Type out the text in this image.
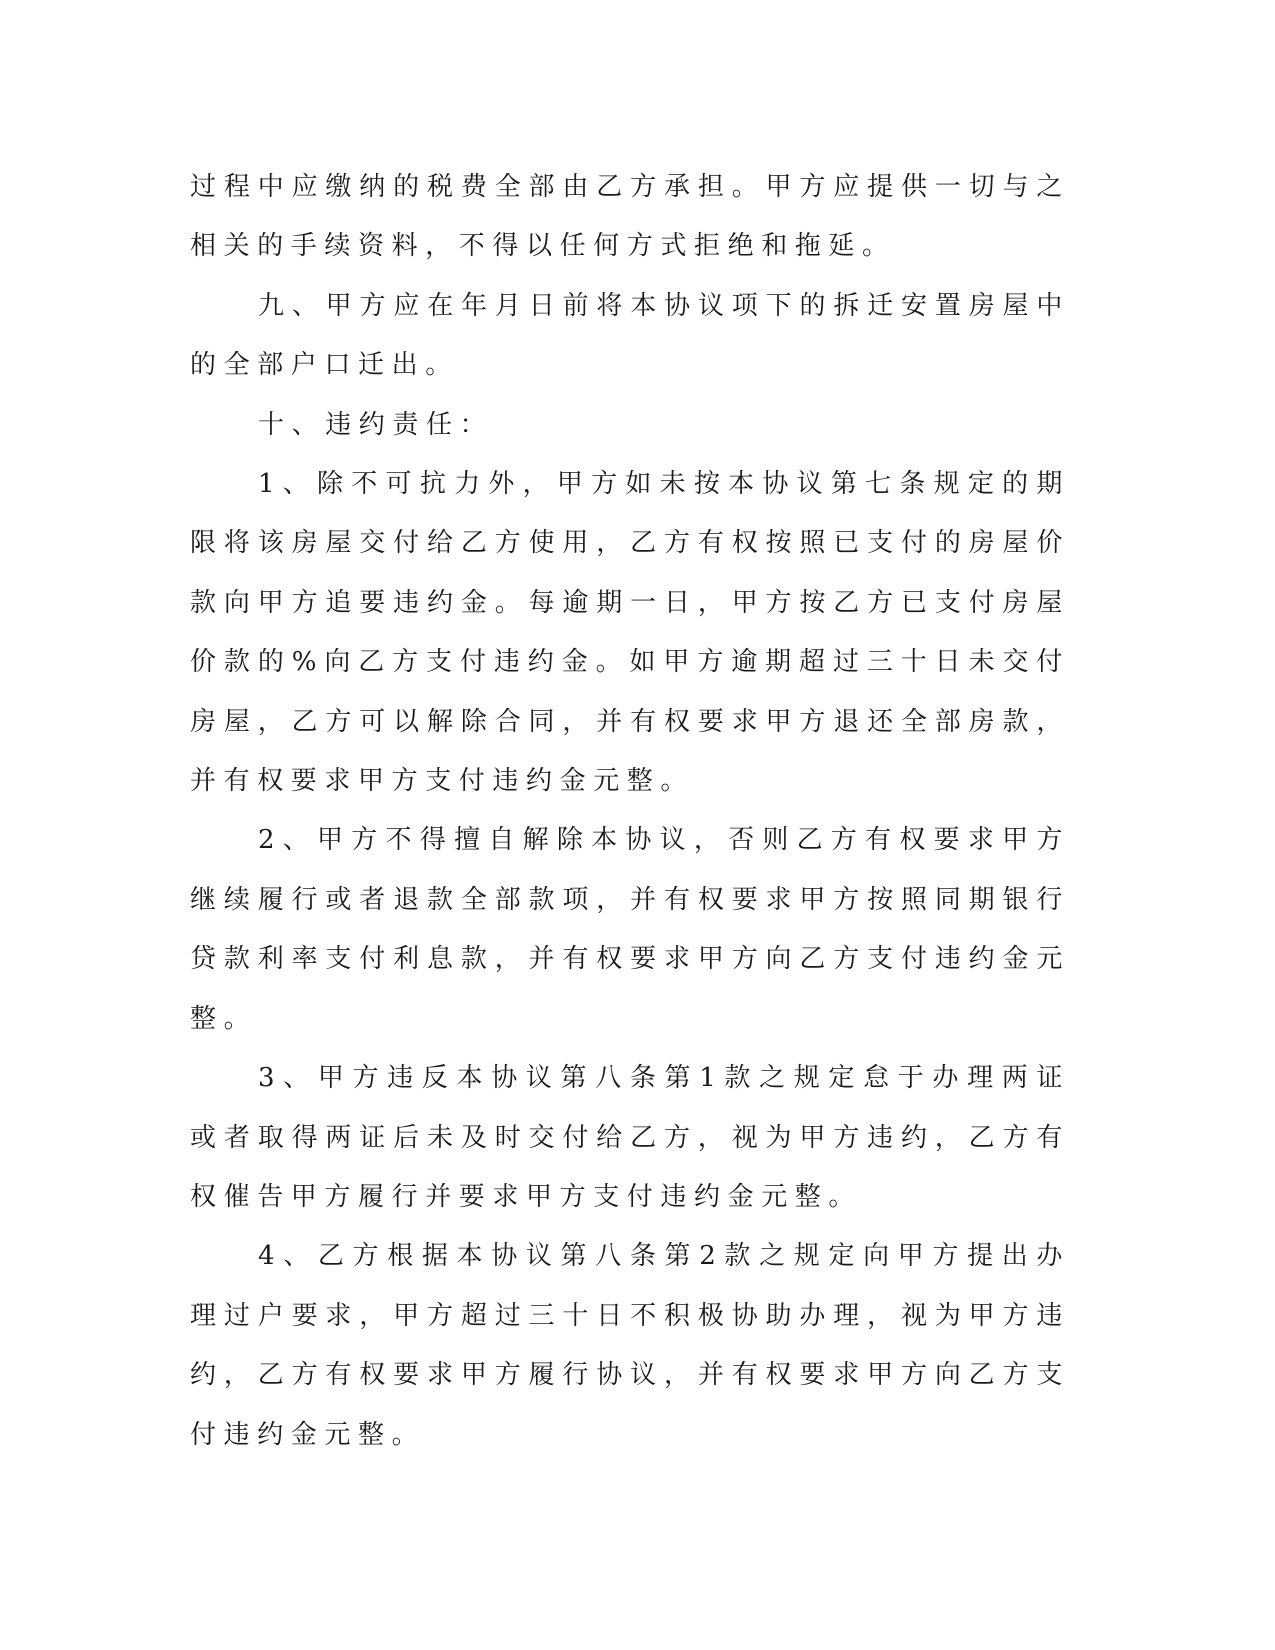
过程中应缴纳的税费全部由乙方承担。甲方应提供一切与之相关的手续资料，不得以任何方式拒绝和拖延。

九、甲方应在年月日前将本协议项下的拆迁安置房屋中的全部户口迁出。

十、违约责任：

1、除不可抗力外，甲方如未按本协议第七条规定的期限将该房屋交付给乙方使用，乙方有权按照已支付的房屋价款向甲方追要违约金。每逾期一日，甲方按乙方已支付房屋价款的%向乙方支付违约金。如甲方逾期超过三十日未交付房屋，乙方可以解除合同，并有权要求甲方退还全部房款，并有权要求甲方支付违约金元整。

2、甲方不得擅自解除本协议，否则乙方有权要求甲方继续履行或者退款全部款项，并有权要求甲方按照同期银行贷款利率支付利息款，并有权要求甲方向乙方支付违约金元整。

3、甲方违反本协议第八条第1款之规定怠于办理两证或者取得两证后未及时交付给乙方，视为甲方违约，乙方有权催告甲方履行并要求甲方支付违约金元整。

4、乙方根据本协议第八条第2款之规定向甲方提出办理过户要求，甲方超过三十日不积极协助办理，视为甲方违约，乙方有权要求甲方履行协议，并有权要求甲方向乙方支付违约金元整。
